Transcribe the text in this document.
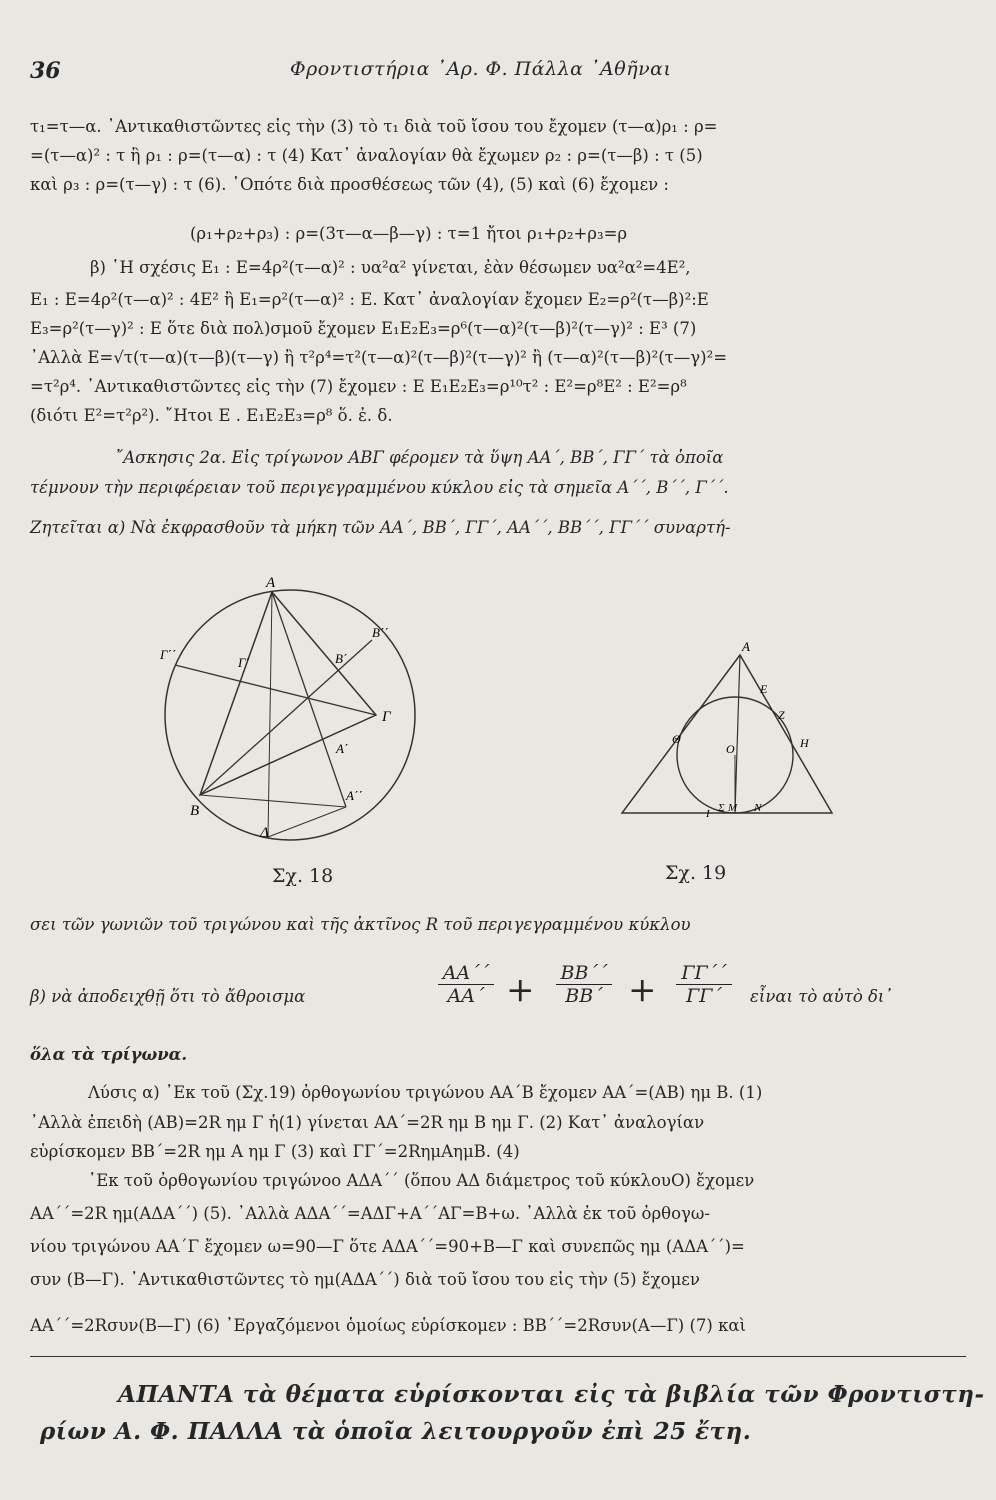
36	Φροντιστήρια ᾿Αρ. Φ. Πάλλα ᾿Αθῆναι
τ₁=τ—α. ᾿Αντικαθιστῶντες εἰς τὴν (3) τὸ τ₁ διὰ τοῦ ἴσου του ἔχομεν (τ—α)ρ₁ : ρ=
=(τ—α)² : τ ἢ ρ₁ : ρ=(τ—α) : τ (4) Κατ᾿ ἀναλογίαν θὰ ἔχωμεν ρ₂ : ρ=(τ—β) : τ (5)
καὶ ρ₃ : ρ=(τ—γ) : τ (6). ῾Οπότε διὰ προσθέσεως τῶν (4), (5) καὶ (6) ἔχομεν :
(ρ₁+ρ₂+ρ₃) : ρ=(3τ—α—β—γ) : τ=1 ἤτοι ρ₁+ρ₂+ρ₃=ρ
β) ῾Η σχέσις Ε₁ : Ε=4ρ²(τ—α)² : υα²α² γίνεται, ἐὰν θέσωμεν υα²α²=4Ε²,
Ε₁ : Ε=4ρ²(τ—α)² : 4Ε² ἢ Ε₁=ρ²(τ—α)² : Ε. Κατ᾿ ἀναλογίαν ἔχομεν Ε₂=ρ²(τ—β)²:Ε
Ε₃=ρ²(τ—γ)² : Ε ὅτε διὰ πολ)σμοῦ ἔχομεν Ε₁Ε₂Ε₃=ρ⁶(τ—α)²(τ—β)²(τ—γ)² : Ε³ (7)
᾿Αλλὰ Ε=√τ(τ—α)(τ—β)(τ—γ) ἢ τ²ρ⁴=τ²(τ—α)²(τ—β)²(τ—γ)² ἢ (τ—α)²(τ—β)²(τ—γ)²=
=τ²ρ⁴. ᾿Αντικαθιστῶντες εἰς τὴν (7) ἔχομεν : Ε Ε₁Ε₂Ε₃=ρ¹⁰τ² : Ε²=ρ⁸Ε² : Ε²=ρ⁸
(διότι Ε²=τ²ρ²). ῎Ητοι Ε . Ε₁Ε₂Ε₃=ρ⁸ ὅ. ἐ. δ.
῎Ασκησις 2α. Εἰς τρίγωνον ΑΒΓ φέρομεν τὰ ὕψη ΑΑ΄, ΒΒ΄, ΓΓ΄ τὰ ὁποῖα
τέμνουν τὴν περιφέρειαν τοῦ περιγεγραμμένου κύκλου εἰς τὰ σημεῖα Α΄΄, Β΄΄, Γ΄΄.
Ζητεῖται α) Νὰ ἐκφρασθοῦν τὰ μήκη τῶν ΑΑ΄, ΒΒ΄, ΓΓ΄, ΑΑ΄΄, ΒΒ΄΄, ΓΓ΄΄ συναρτή-
Α
Β
Γ
Δ
Α΄
Β΄
Γ΄
Α΄΄
Β΄΄
Γ΄΄
Σχ. 18
Α
Ε
Ζ
Η
Θ
Ο
Μ Ν
Ι Σ
Σχ. 19
σει τῶν γωνιῶν τοῦ τριγώνου καὶ τῆς ἀκτῖνος R τοῦ περιγεγραμμένου κύκλου
β) νὰ ἀποδειχθῇ ὅτι τὸ ἄθροισμα	$\frac{AA΄΄}{AA΄} + \frac{BB΄΄}{BB΄} + \frac{\Gamma\Gamma΄΄}{\Gamma\Gamma΄}$ εἶναι τὸ αὐτὸ δι᾿
ὅλα τὰ τρίγωνα.
Λύσις α) ᾿Εκ τοῦ (Σχ.19) ὀρθογωνίου τριγώνου ΑΑ΄Β ἔχομεν ΑΑ΄=(ΑΒ) ημ Β. (1)
᾿Αλλὰ ἐπειδὴ (ΑΒ)=2R ημ Γ ἡ(1) γίνεται ΑΑ΄=2R ημ Β ημ Γ. (2) Κατ᾿ ἀναλογίαν
εὑρίσκομεν ΒΒ΄=2R ημ Α ημ Γ (3) καὶ ΓΓ΄=2RημΑημΒ. (4)
᾿Εκ τοῦ ὀρθογωνίου τριγώνοο ΑΔΑ΄΄ (ὅπου ΑΔ διάμετρος τοῦ κύκλουΟ) ἔχομεν
ΑΑ΄΄=2R ημ(ΑΔΑ΄΄) (5). ᾿Αλλὰ ΑΔΑ΄΄=ΑΔΓ+Α΄΄ΑΓ=Β+ω. ᾿Αλλὰ ἐκ τοῦ ὀρθογω-
νίου τριγώνου ΑΑ΄Γ ἔχομεν ω=90—Γ ὅτε ΑΔΑ΄΄=90+Β—Γ καὶ συνεπῶς ημ (ΑΔΑ΄΄)=
συν (Β—Γ). ᾿Αντικαθιστῶντες τὸ ημ(ΑΔΑ΄΄) διὰ τοῦ ἴσου του εἰς τὴν (5) ἔχομεν
ΑΑ΄΄=2Rσυν(Β—Γ) (6) ᾿Εργαζόμενοι ὁμοίως εὑρίσκομεν : ΒΒ΄΄=2Rσυν(Α—Γ) (7) καὶ
ΑΠΑΝΤΑ τὰ θέματα εὑρίσκονται εἰς τὰ βιβλία τῶν Φροντιστη-
ρίων Α. Φ. ΠΑΛΛΑ τὰ ὁποῖα λειτουργοῦν ἐπὶ 25 ἔτη.
